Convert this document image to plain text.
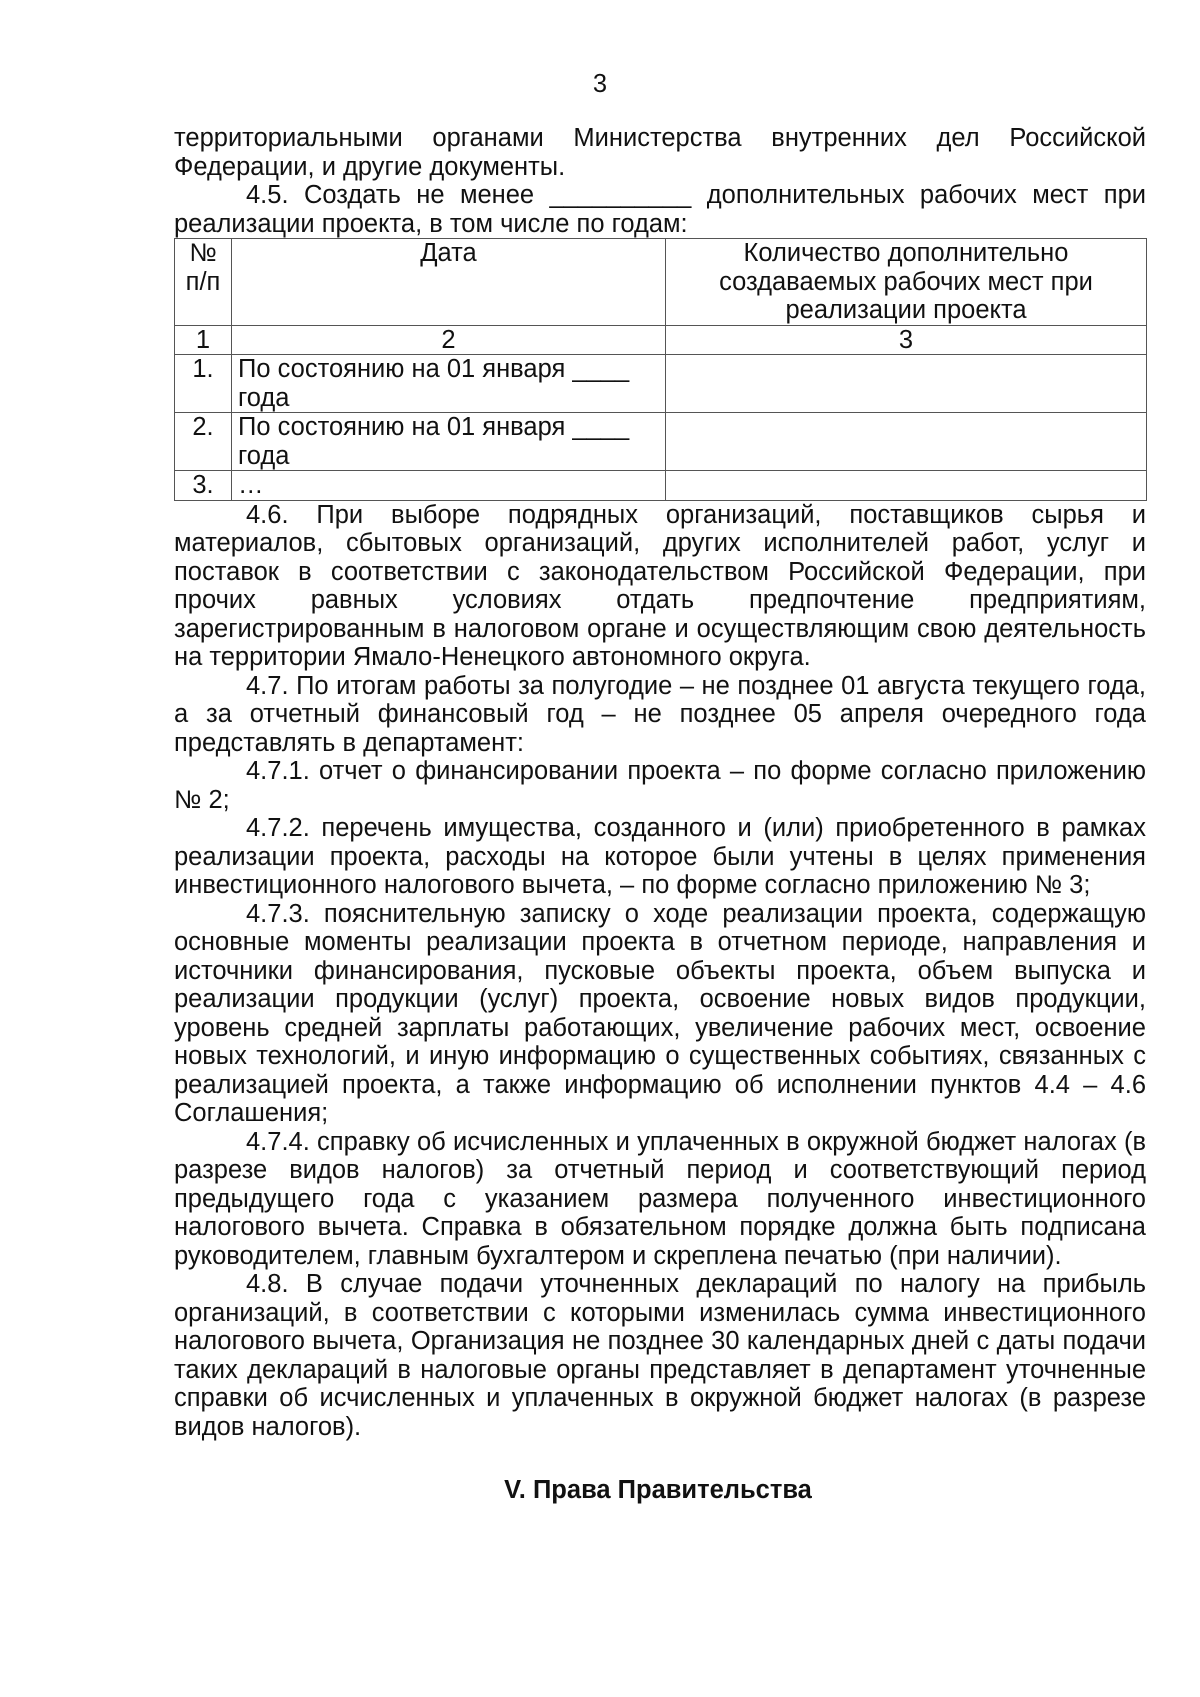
3

территориальными органами Министерства внутренних дел Российской Федерации, и другие документы.

4.5. Создать не менее __________ дополнительных рабочих мест при реализации проекта, в том числе по годам:

№ п/п	Дата	Количество дополнительно создаваемых рабочих мест при реализации проекта
1	2	3
1.	По состоянию на 01 января ____ года	
2.	По состоянию на 01 января ____ года	
3.	…	

4.6. При выборе подрядных организаций, поставщиков сырья и материалов, сбытовых организаций, других исполнителей работ, услуг и поставок в соответствии с законодательством Российской Федерации, при прочих равных условиях отдать предпочтение предприятиям, зарегистрированным в налоговом органе и осуществляющим свою деятельность на территории Ямало-Ненецкого автономного округа.

4.7. По итогам работы за полугодие – не позднее 01 августа текущего года, а за отчетный финансовый год – не позднее 05 апреля очередного года представлять в департамент:

4.7.1. отчет о финансировании проекта – по форме согласно приложению № 2;

4.7.2. перечень имущества, созданного и (или) приобретенного в рамках реализации проекта, расходы на которое были учтены в целях применения инвестиционного налогового вычета, – по форме согласно приложению № 3;

4.7.3. пояснительную записку о ходе реализации проекта, содержащую основные моменты реализации проекта в отчетном периоде, направления и источники финансирования, пусковые объекты проекта, объем выпуска и реализации продукции (услуг) проекта, освоение новых видов продукции, уровень средней зарплаты работающих, увеличение рабочих мест, освоение новых технологий, и иную информацию о существенных событиях, связанных с реализацией проекта, а также информацию об исполнении пунктов 4.4 – 4.6 Соглашения;

4.7.4. справку об исчисленных и уплаченных в окружной бюджет налогах (в разрезе видов налогов) за отчетный период и соответствующий период предыдущего года с указанием размера полученного инвестиционного налогового вычета. Справка в обязательном порядке должна быть подписана руководителем, главным бухгалтером и скреплена печатью (при наличии).

4.8. В случае подачи уточненных деклараций по налогу на прибыль организаций, в соответствии с которыми изменилась сумма инвестиционного налогового вычета, Организация не позднее 30 календарных дней с даты подачи таких деклараций в налоговые органы представляет в департамент уточненные справки об исчисленных и уплаченных в окружной бюджет налогах (в разрезе видов налогов).

V. Права Правительства
